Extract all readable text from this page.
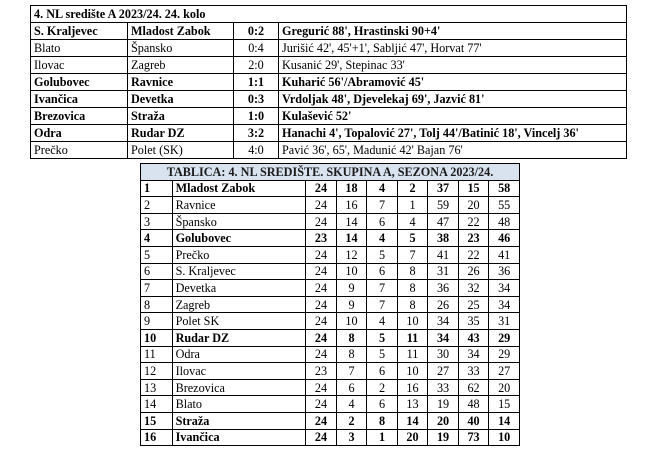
4. NL središte A 2023/24. 24. kolo			
S. Kraljevec	Mladost Zabok	0:2	Gregurić 88', Hrastinski 90+4'
Blato	Špansko	0:4	Jurišić 42', 45'+1', Sabljić 47', Horvat 77'
Ilovac	Zagreb	2:0	Kusanić 29', Stepinac 33'
Golubovec	Ravnice	1:1	Kuharić 56'/Abramović 45'
Ivančica	Devetka	0:3	Vrdoljak 48', Djevelekaj 69', Jazvić 81'
Brezovica	Straža	1:0	Kulašević 52'
Odra	Rudar DZ	3:2	Hanachi 4', Topalović 27', Tolj 44'/Batinić 18', Vincelj 36'
Prečko	Polet (SK)	4:0	Pavić 36', 65', Madunić 42' Bajan 76'
TABLICA: 4. NL SREDIŠTE. SKUPINA A, SEZONA 2023/24.								
1	Mladost Zabok	24	18	4	2	37	15	58
2	Ravnice	24	16	7	1	59	20	55
3	Špansko	24	14	6	4	47	22	48
4	Golubovec	23	14	4	5	38	23	46
5	Prečko	24	12	5	7	41	22	41
6	S. Kraljevec	24	10	6	8	31	26	36
7	Devetka	24	9	7	8	36	32	34
8	Zagreb	24	9	7	8	26	25	34
9	Polet SK	24	10	4	10	34	35	31
10	Rudar DZ	24	8	5	11	34	43	29
11	Odra	24	8	5	11	30	34	29
12	Ilovac	23	7	6	10	27	33	27
13	Brezovica	24	6	2	16	33	62	20
14	Blato	24	4	6	13	19	48	15
15	Straža	24	2	8	14	20	40	14
16	Ivančica	24	3	1	20	19	73	10
